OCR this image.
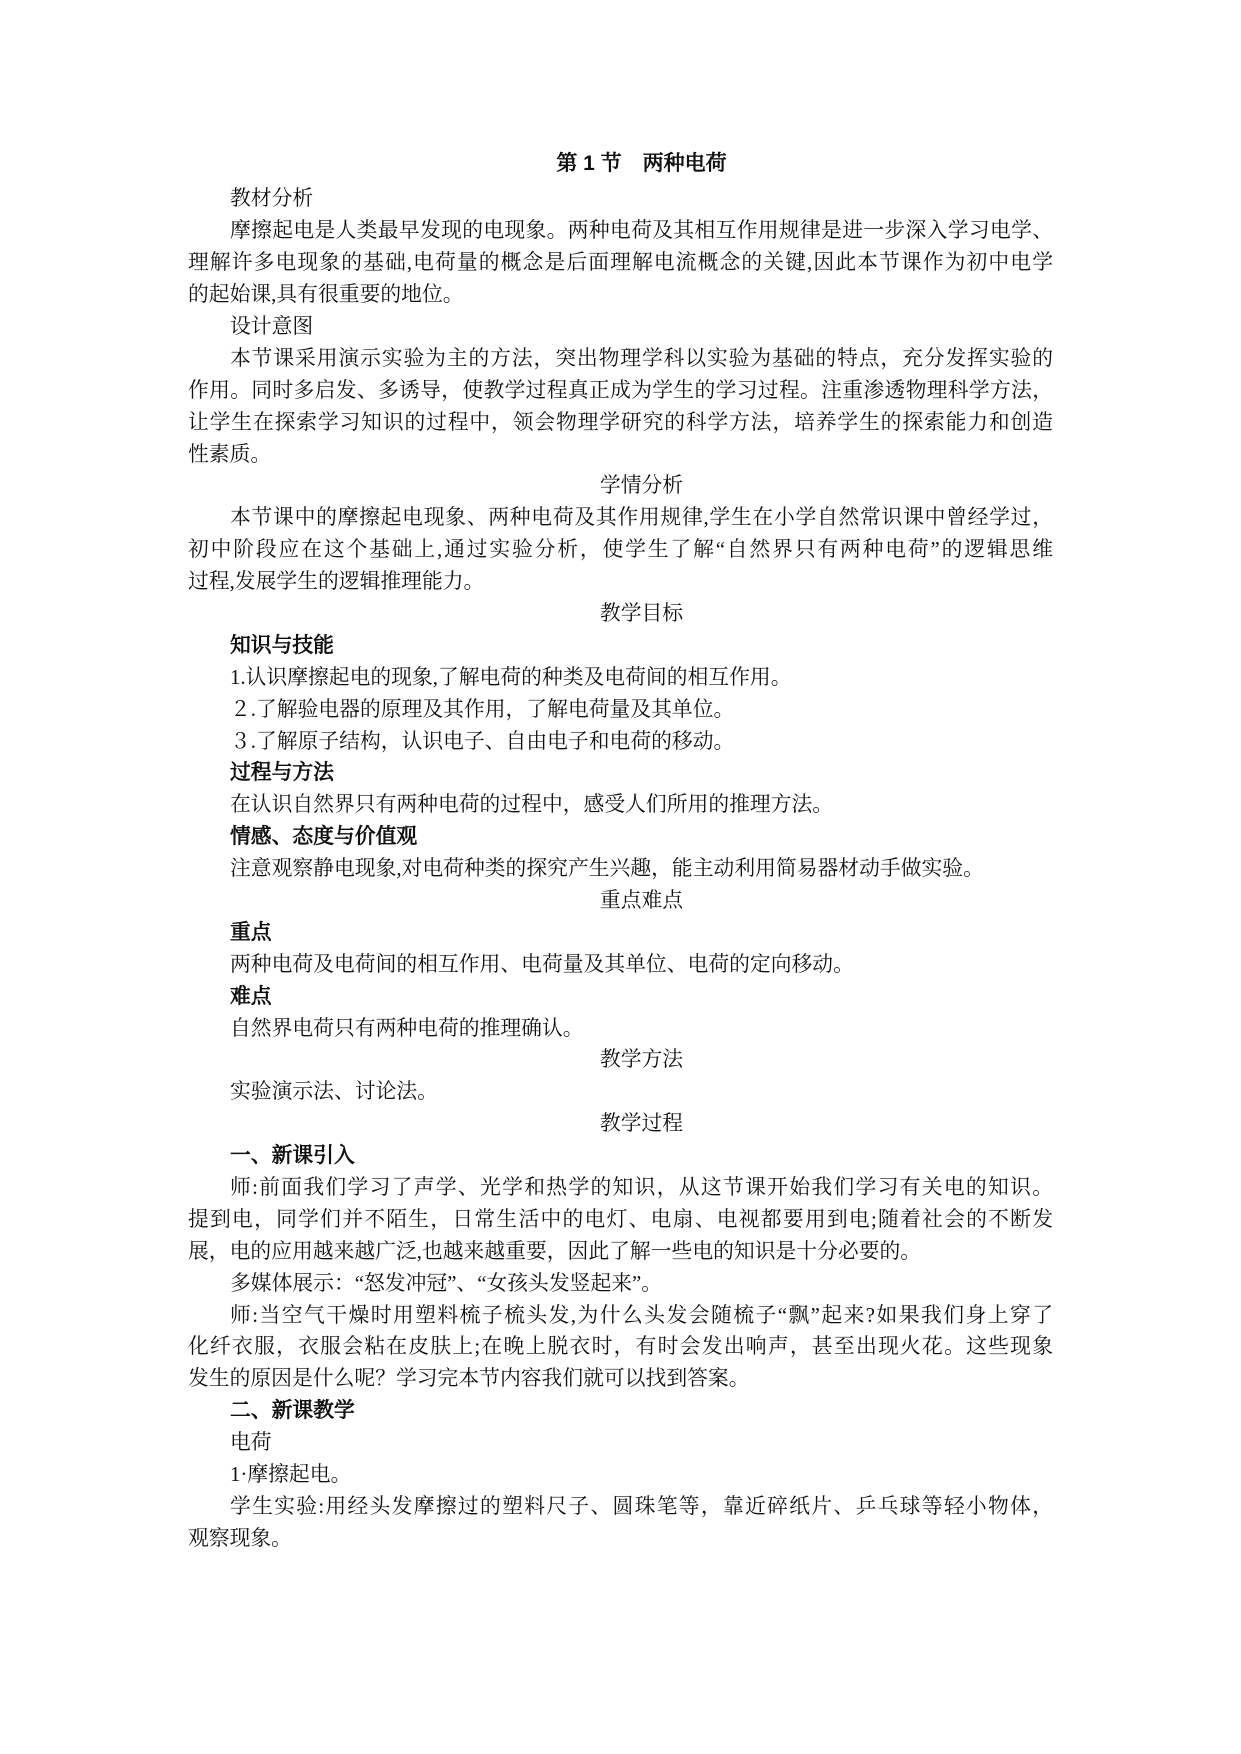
第 1 节　两种电荷
教材分析
摩擦起电是人类最早发现的电现象。两种电荷及其相互作用规律是进一步深入学习电学、
理解许多电现象的基础,电荷量的概念是后面理解电流概念的关键,因此本节课作为初中电学
的起始课,具有很重要的地位。
设计意图
本节课采用演示实验为主的方法，突出物理学科以实验为基础的特点，充分发挥实验的
作用。同时多启发、多诱导，使教学过程真正成为学生的学习过程。注重渗透物理科学方法，
让学生在探索学习知识的过程中，领会物理学研究的科学方法，培养学生的探索能力和创造
性素质。
学情分析
本节课中的摩擦起电现象、两种电荷及其作用规律,学生在小学自然常识课中曾经学过，
初中阶段应在这个基础上,通过实验分析，使学生了解“自然界只有两种电荷”的逻辑思维
过程,发展学生的逻辑推理能力。
教学目标
知识与技能
1.认识摩擦起电的现象,了解电荷的种类及电荷间的相互作用。
２.了解验电器的原理及其作用，了解电荷量及其单位。
３.了解原子结构，认识电子、自由电子和电荷的移动。
过程与方法
在认识自然界只有两种电荷的过程中，感受人们所用的推理方法。
情感、态度与价值观
注意观察静电现象,对电荷种类的探究产生兴趣，能主动利用简易器材动手做实验。
重点难点
重点
两种电荷及电荷间的相互作用、电荷量及其单位、电荷的定向移动。
难点
自然界电荷只有两种电荷的推理确认。
教学方法
实验演示法、讨论法。
教学过程
一、新课引入
师:前面我们学习了声学、光学和热学的知识，从这节课开始我们学习有关电的知识。
提到电，同学们并不陌生，日常生活中的电灯、电扇、电视都要用到电;随着社会的不断发
展，电的应用越来越广泛,也越来越重要，因此了解一些电的知识是十分必要的。
多媒体展示：“怒发冲冠”、“女孩头发竖起来”。
师:当空气干燥时用塑料梳子梳头发,为什么头发会随梳子“飘”起来?如果我们身上穿了
化纤衣服，衣服会粘在皮肤上;在晚上脱衣时，有时会发出响声，甚至出现火花。这些现象
发生的原因是什么呢？学习完本节内容我们就可以找到答案。
二、新课教学
电荷
1·摩擦起电。
学生实验:用经头发摩擦过的塑料尺子、圆珠笔等，靠近碎纸片、乒乓球等轻小物体，
观察现象。
